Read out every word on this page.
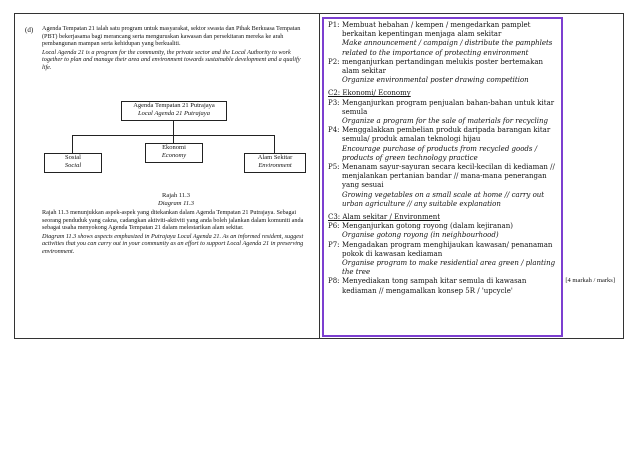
(d) Agenda Tempatan 21 ialah satu program untuk masyarakat, sektor swasta dan Pihak Berkuasa Tempatan (PBT) bekerjasama bagi merancang serta menguruskan kawasan dan persekitaran mereka ke arah pembangunan mampan serta kehidupan yang berkualiti.

Local Agenda 21 is a program for the community, the private sector and the Local Authority to work together to plan and manage their area and environment towards sustainable development and a qualify life.

Agenda Tempatan 21 Putrajaya
Local Agenda 21 Putrajaya
Sosial
Social
Ekonomi
Economy	Alam Sekitar
Environment
Rajah 11.3
Diagram 11.3

Rajah 11.3 menunjukkan aspek-aspek yang ditekankan dalam Agenda Tempatan 21 Putrajaya. Sebagai seorang penduduk yang cakna, cadangkan aktiviti-aktiviti yang anda boleh jalankan dalam komuniti anda sebagai usaha menyokong Agenda Tempatan 21 dalam melestarikan alam sekitar.

Diagram 11.3 shows aspects emphasized in Putrajaya Local Agenda 21. As an informed resident, suggest activities that you can carry out in your community as an effort to support Local Agenda 21 in preserving environment.

[4 markah / marks]
P1: Membuat hebahan / kempen / mengedarkan pamplet berkaitan kepentingan menjaga alam sekitar
Make announcement / campaign / distribute the pamphlets related to the importance of protecting environment
P2: menganjurkan pertandingan melukis poster bertemakan alam sekitar
Organize environmental poster drawing competition
C2: Ekonomi/ Economy
P3: Menganjurkan program penjualan bahan-bahan untuk kitar semula
Organize a program for the sale of materials for recycling
P4: Menggalakkan pembelian produk daripada barangan kitar semula/ produk amalan teknologi hijau
Encourage purchase of products from recycled goods / products of green technology practice
P5: Menanam sayur-sayuran secara kecil-kecilan di kediaman // menjalankan pertanian bandar // mana-mana penerangan yang sesuai
Growing vegetables on a small scale at home // carry out urban agriculture // any suitable explanation
C3: Alam sekitar / Environment
P6: Menganjurkan gotong royong (dalam kejiranan)
Organise gotong royong (in neighbourhood)
P7: Mengadakan program menghijaukan kawasan/ penanaman pokok di kawasan kediaman
Organise program to make residential area green / planting the tree
P8: Menyediakan tong sampah kitar semula di kawasan kediaman // mengamalkan konsep 5R / 'upcycle'
